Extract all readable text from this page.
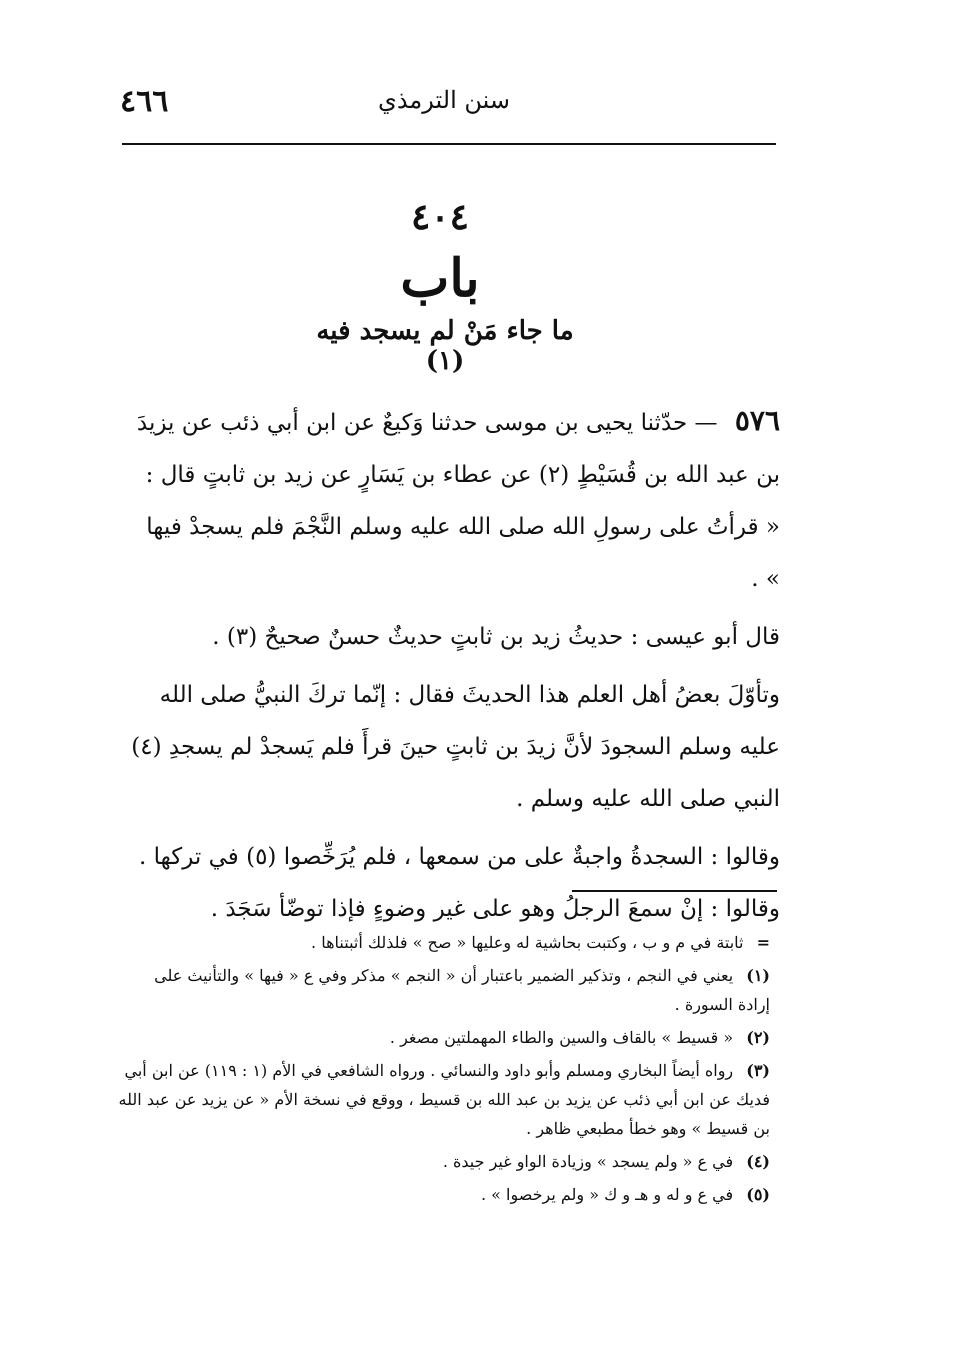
٤٦٦	سنن الترمذي
٤٠٤
باب
ما جاء مَنْ لم يسجد فيه (١)

٥٧٦ — حدّثنا يحيى بن موسى حدثنا وَكيعٌ عن ابن أبي ذئب عن يزيدَ بن عبد الله بن قُسَيْطٍ (٢) عن عطاء بن يَسَارٍ عن زيد بن ثابتٍ قال : « قرأتُ على رسولِ الله صلى الله عليه وسلم النَّجْمَ فلم يسجدْ فيها » .

قال أبو عيسى : حديثُ زيد بن ثابتٍ حديثٌ حسنٌ صحيحٌ (٣) .

وتأوّلَ بعضُ أهل العلم هذا الحديثَ فقال : إنّما تركَ النبيُّ صلى الله عليه وسلم السجودَ لأنَّ زيدَ بن ثابتٍ حينَ قرأَ فلم يَسجدْ لم يسجدِ (٤) النبي صلى الله عليه وسلم .

وقالوا : السجدةُ واجبةٌ على من سمعها ، فلم يُرَخِّصوا (٥) في تركها .

وقالوا : إنْ سمعَ الرجلُ وهو على غير وضوءٍ فإذا توضّأ سَجَدَ .

= ثابتة في م و ب ، وكتبت بحاشية له وعليها « صح » فلذلك أثبتناها .

(١) يعني في النجم ، وتذكير الضمير باعتبار أن « النجم » مذكر وفي ع « فيها » والتأنيث على إرادة السورة .

(٢) « قسيط » بالقاف والسين والطاء المهملتين مصغر .

(٣) رواه أيضاً البخاري ومسلم وأبو داود والنسائي . ورواه الشافعي في الأم (١ : ١١٩) عن ابن أبي فديك عن ابن أبي ذئب عن يزيد بن عبد الله بن قسيط ، ووقع في نسخة الأم « عن يزيد عن عبد الله بن قسيط » وهو خطأ مطبعي ظاهر .

(٤) في ع « ولم يسجد » وزيادة الواو غير جيدة .

(٥) في ع و له و هـ و ك « ولم يرخصوا » .
